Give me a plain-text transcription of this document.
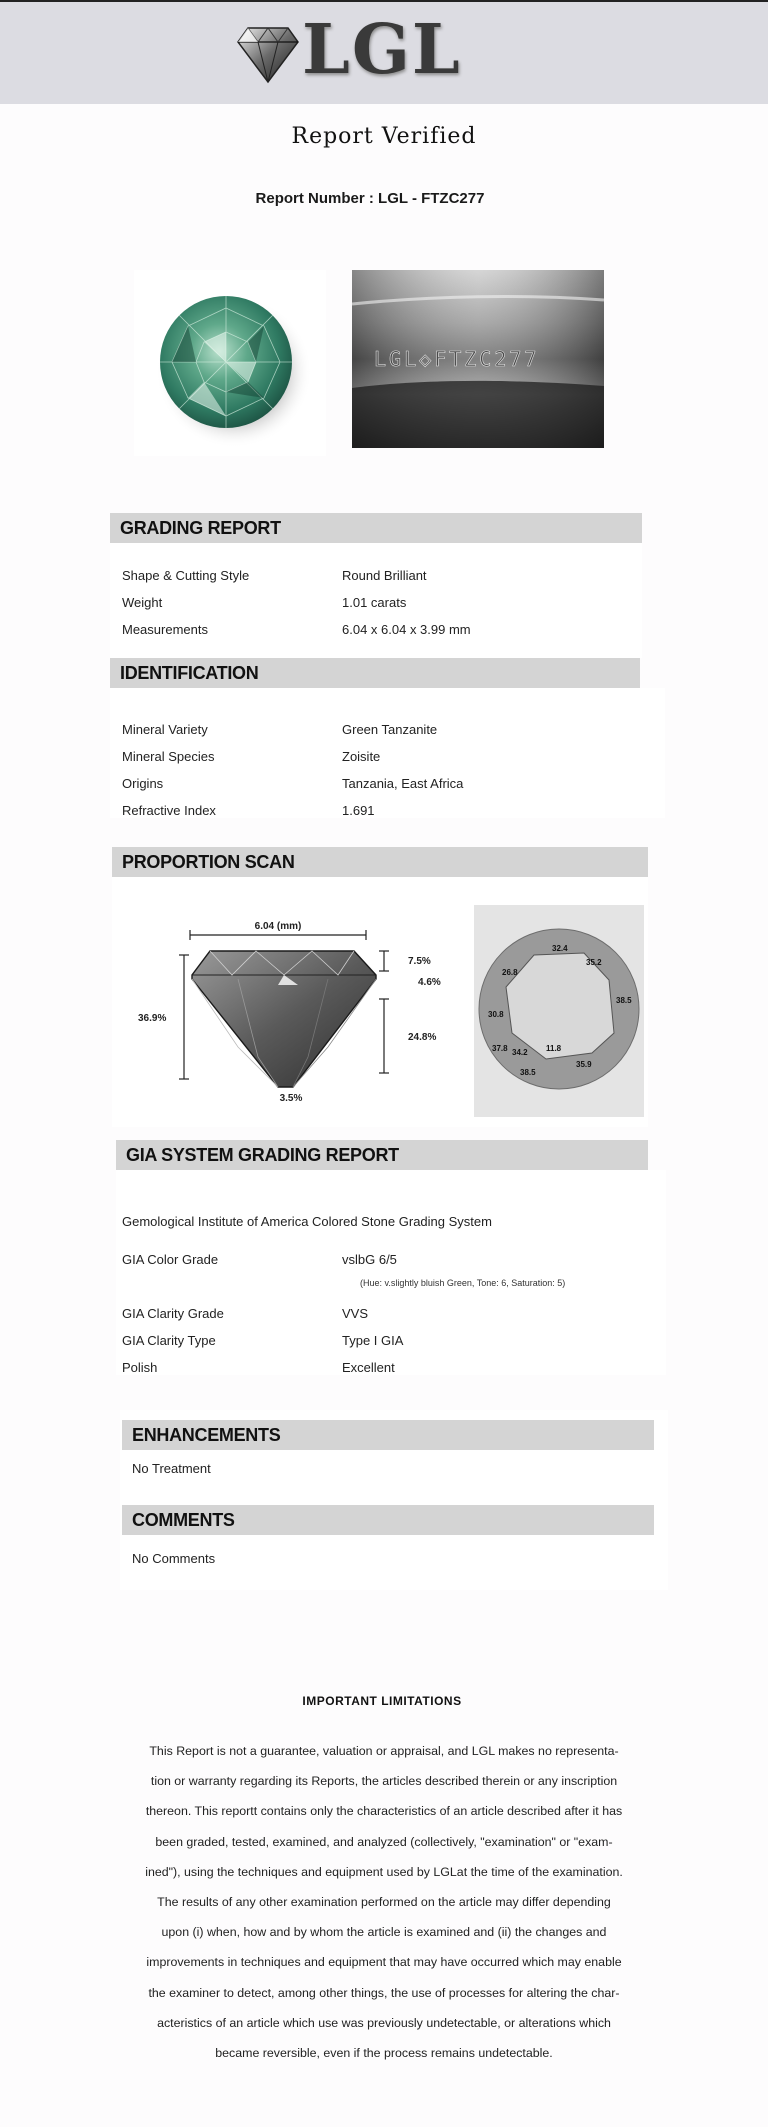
LGL
Report Verified
Report Number : LGL - FTZC277
LGL◇FTZC277
GRADING REPORT
Shape & Cutting Style	Round Brilliant
Weight	1.01 carats
Measurements	6.04 x 6.04 x 3.99 mm
IDENTIFICATION
Mineral Variety	Green Tanzanite
Mineral Species	Zoisite
Origins	Tanzania, East Africa
Refractive Index	1.691
PROPORTION SCAN
6.04 (mm)
36.9%
7.5%
4.6%
24.8%
3.5%
32.4
35.2
26.8
38.5
30.8
37.8 34.2 11.8
38.5
35.9
GIA SYSTEM GRADING REPORT
Gemological Institute of America Colored Stone Grading System
GIA Color Grade	vslbG 6/5
(Hue: v.slightly bluish Green, Tone: 6, Saturation: 5)
GIA Clarity Grade	VVS
GIA Clarity Type	Type I GIA
Polish	Excellent
ENHANCEMENTS
No Treatment
COMMENTS
No Comments
IMPORTANT LIMITATIONS
This Report is not a guarantee, valuation or appraisal, and LGL makes no representa-
tion or warranty regarding its Reports, the articles described therein or any inscription
thereon. This reportt contains only the characteristics of an article described after it has
been graded, tested, examined, and analyzed (collectively, "examination" or "exam-
ined"), using the techniques and equipment used by LGLat the time of the examination.
The results of any other examination performed on the article may differ depending
upon (i) when, how and by whom the article is examined and (ii) the changes and
improvements in techniques and equipment that may have occurred which may enable
the examiner to detect, among other things, the use of processes for altering the char-
acteristics of an article which use was previously undetectable, or alterations which
became reversible, even if the process remains undetectable.
